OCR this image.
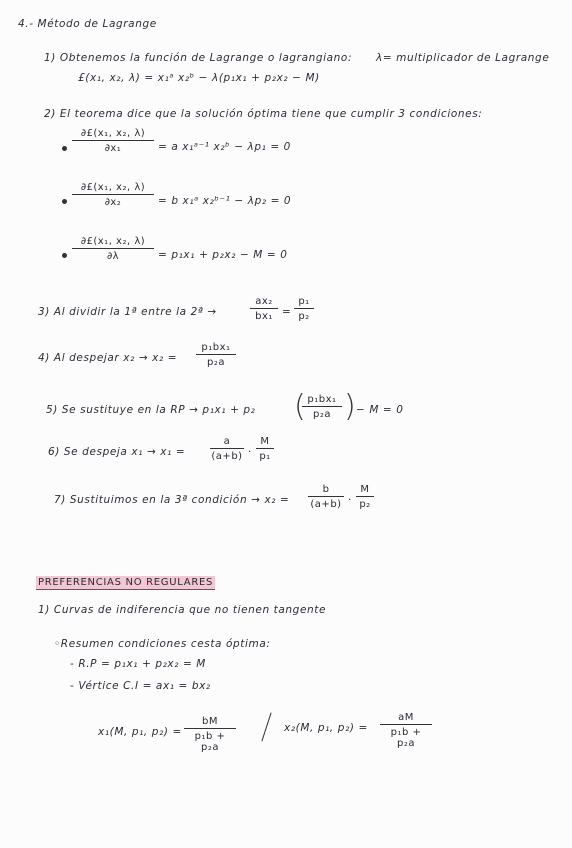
4.- Método de Lagrange
1) Obtenemos la función de Lagrange o lagrangiano: λ= multiplicador de Lagrange
£(x₁, x₂, λ) = x₁ᵃ x₂ᵇ − λ(p₁x₁ + p₂x₂ − M)
2) El teorema dice que la solución óptima tiene que cumplir 3 condiciones:
$\frac{\text{∂£(x₁, x₂, λ)}}{\text{∂x₁}} = a$ x₁ᵃ⁻¹ x₂ᵇ − λp₁ = 0
$\frac{\text{∂£(x₁, x₂, λ)}}{\text{∂x₂}} = b$ x₁ᵃ x₂ᵇ⁻¹ − λp₂ = 0
$\frac{\text{∂£(x₁, x₂, λ)}}{\partial\lambda} = p_1x_1 + p_2x_2 - M = 0$
3) Al dividir la 1ª entre la 2ª →	$\frac{\text{ax₂}}{\text{bx₁}} = \frac{\text{p₁}}{\text{p₂}}$
4) Al despejar $x_2 \to x_2 = \frac{\text{p₁bx₁}}{\text{p₂a}}$
5) Se sustituye en la RP → p₁x₁ + p₂ (
$\frac{\text{p₁bx₁}}{\text{p₂a}}$ ) − M = 0
6) Se despeja $x_1 \to x_1 = \frac{a}{(a+b)} \cdot \frac{M}{\text{p₁}}$
7) Sustituimos en la 3ª condición → $x_2 = \frac{b}{(a+b)} \cdot \frac{M}{\text{p₂}}$
PREFERENCIAS NO REGULARES
1) Curvas de indiferencia que no tienen tangente
◦Resumen condiciones cesta óptima:
- R.P = p₁x₁ + p₂x₂ = M
- Vértice C.I = ax₁ = bx₂
x₁(M, p₁, $p_2) = \frac{bM}{\text{p₁b + p₂a}}$	x₂(M, p₁, $p_2) = \frac{aM}{\text{p₁b + p₂a}}$
